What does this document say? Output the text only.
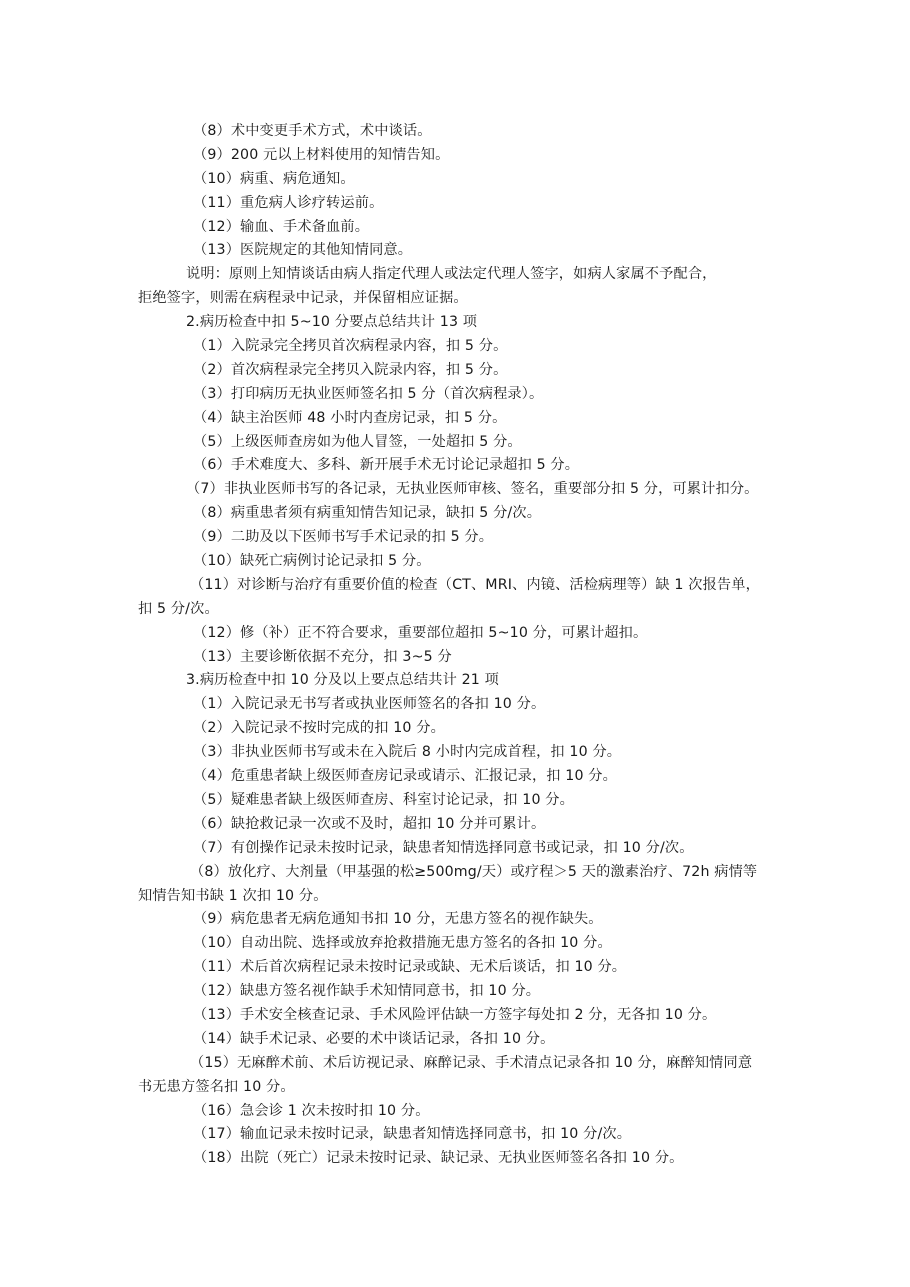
（8）术中变更手术方式，术中谈话。
（9）200 元以上材料使用的知情告知。
（10）病重、病危通知。
（11）重危病人诊疗转运前。
（12）输血、手术备血前。
（13）医院规定的其他知情同意。
说明：原则上知情谈话由病人指定代理人或法定代理人签字，如病人家属不予配合，
拒绝签字，则需在病程录中记录，并保留相应证据。
2.病历检查中扣 5~10 分要点总结共计 13 项
（1）入院录完全拷贝首次病程录内容，扣 5 分。
（2）首次病程录完全拷贝入院录内容，扣 5 分。
（3）打印病历无执业医师签名扣 5 分（首次病程录）。
（4）缺主治医师 48 小时内查房记录，扣 5 分。
（5）上级医师查房如为他人冒签，一处超扣 5 分。
（6）手术难度大、多科、新开展手术无讨论记录超扣 5 分。
（7）非执业医师书写的各记录，无执业医师审核、签名，重要部分扣 5 分，可累计扣分。
（8）病重患者须有病重知情告知记录，缺扣 5 分/次。
（9）二助及以下医师书写手术记录的扣 5 分。
（10）缺死亡病例讨论记录扣 5 分。
（11）对诊断与治疗有重要价值的检查（CT、MRI、内镜、活检病理等）缺 1 次报告单，
扣 5 分/次。
（12）修（补）正不符合要求，重要部位超扣 5~10 分，可累计超扣。
（13）主要诊断依据不充分，扣 3~5 分
3.病历检查中扣 10 分及以上要点总结共计 21 项
（1）入院记录无书写者或执业医师签名的各扣 10 分。
（2）入院记录不按时完成的扣 10 分。
（3）非执业医师书写或未在入院后 8 小时内完成首程，扣 10 分。
（4）危重患者缺上级医师查房记录或请示、汇报记录，扣 10 分。
（5）疑难患者缺上级医师查房、科室讨论记录，扣 10 分。
（6）缺抢救记录一次或不及时，超扣 10 分并可累计。
（7）有创操作记录未按时记录，缺患者知情选择同意书或记录，扣 10 分/次。
（8）放化疗、大剂量（甲基强的松≥500mg/天）或疗程＞5 天的激素治疗、72h 病情等
知情告知书缺 1 次扣 10 分。
（9）病危患者无病危通知书扣 10 分，无患方签名的视作缺失。
（10）自动出院、选择或放弃抢救措施无患方签名的各扣 10 分。
（11）术后首次病程记录未按时记录或缺、无术后谈话，扣 10 分。
（12）缺患方签名视作缺手术知情同意书，扣 10 分。
（13）手术安全核查记录、手术风险评估缺一方签字每处扣 2 分，无各扣 10 分。
（14）缺手术记录、必要的术中谈话记录，各扣 10 分。
（15）无麻醉术前、术后访视记录、麻醉记录、手术清点记录各扣 10 分，麻醉知情同意
书无患方签名扣 10 分。
（16）急会诊 1 次未按时扣 10 分。
（17）输血记录未按时记录，缺患者知情选择同意书，扣 10 分/次。
（18）出院（死亡）记录未按时记录、缺记录、无执业医师签名各扣 10 分。
